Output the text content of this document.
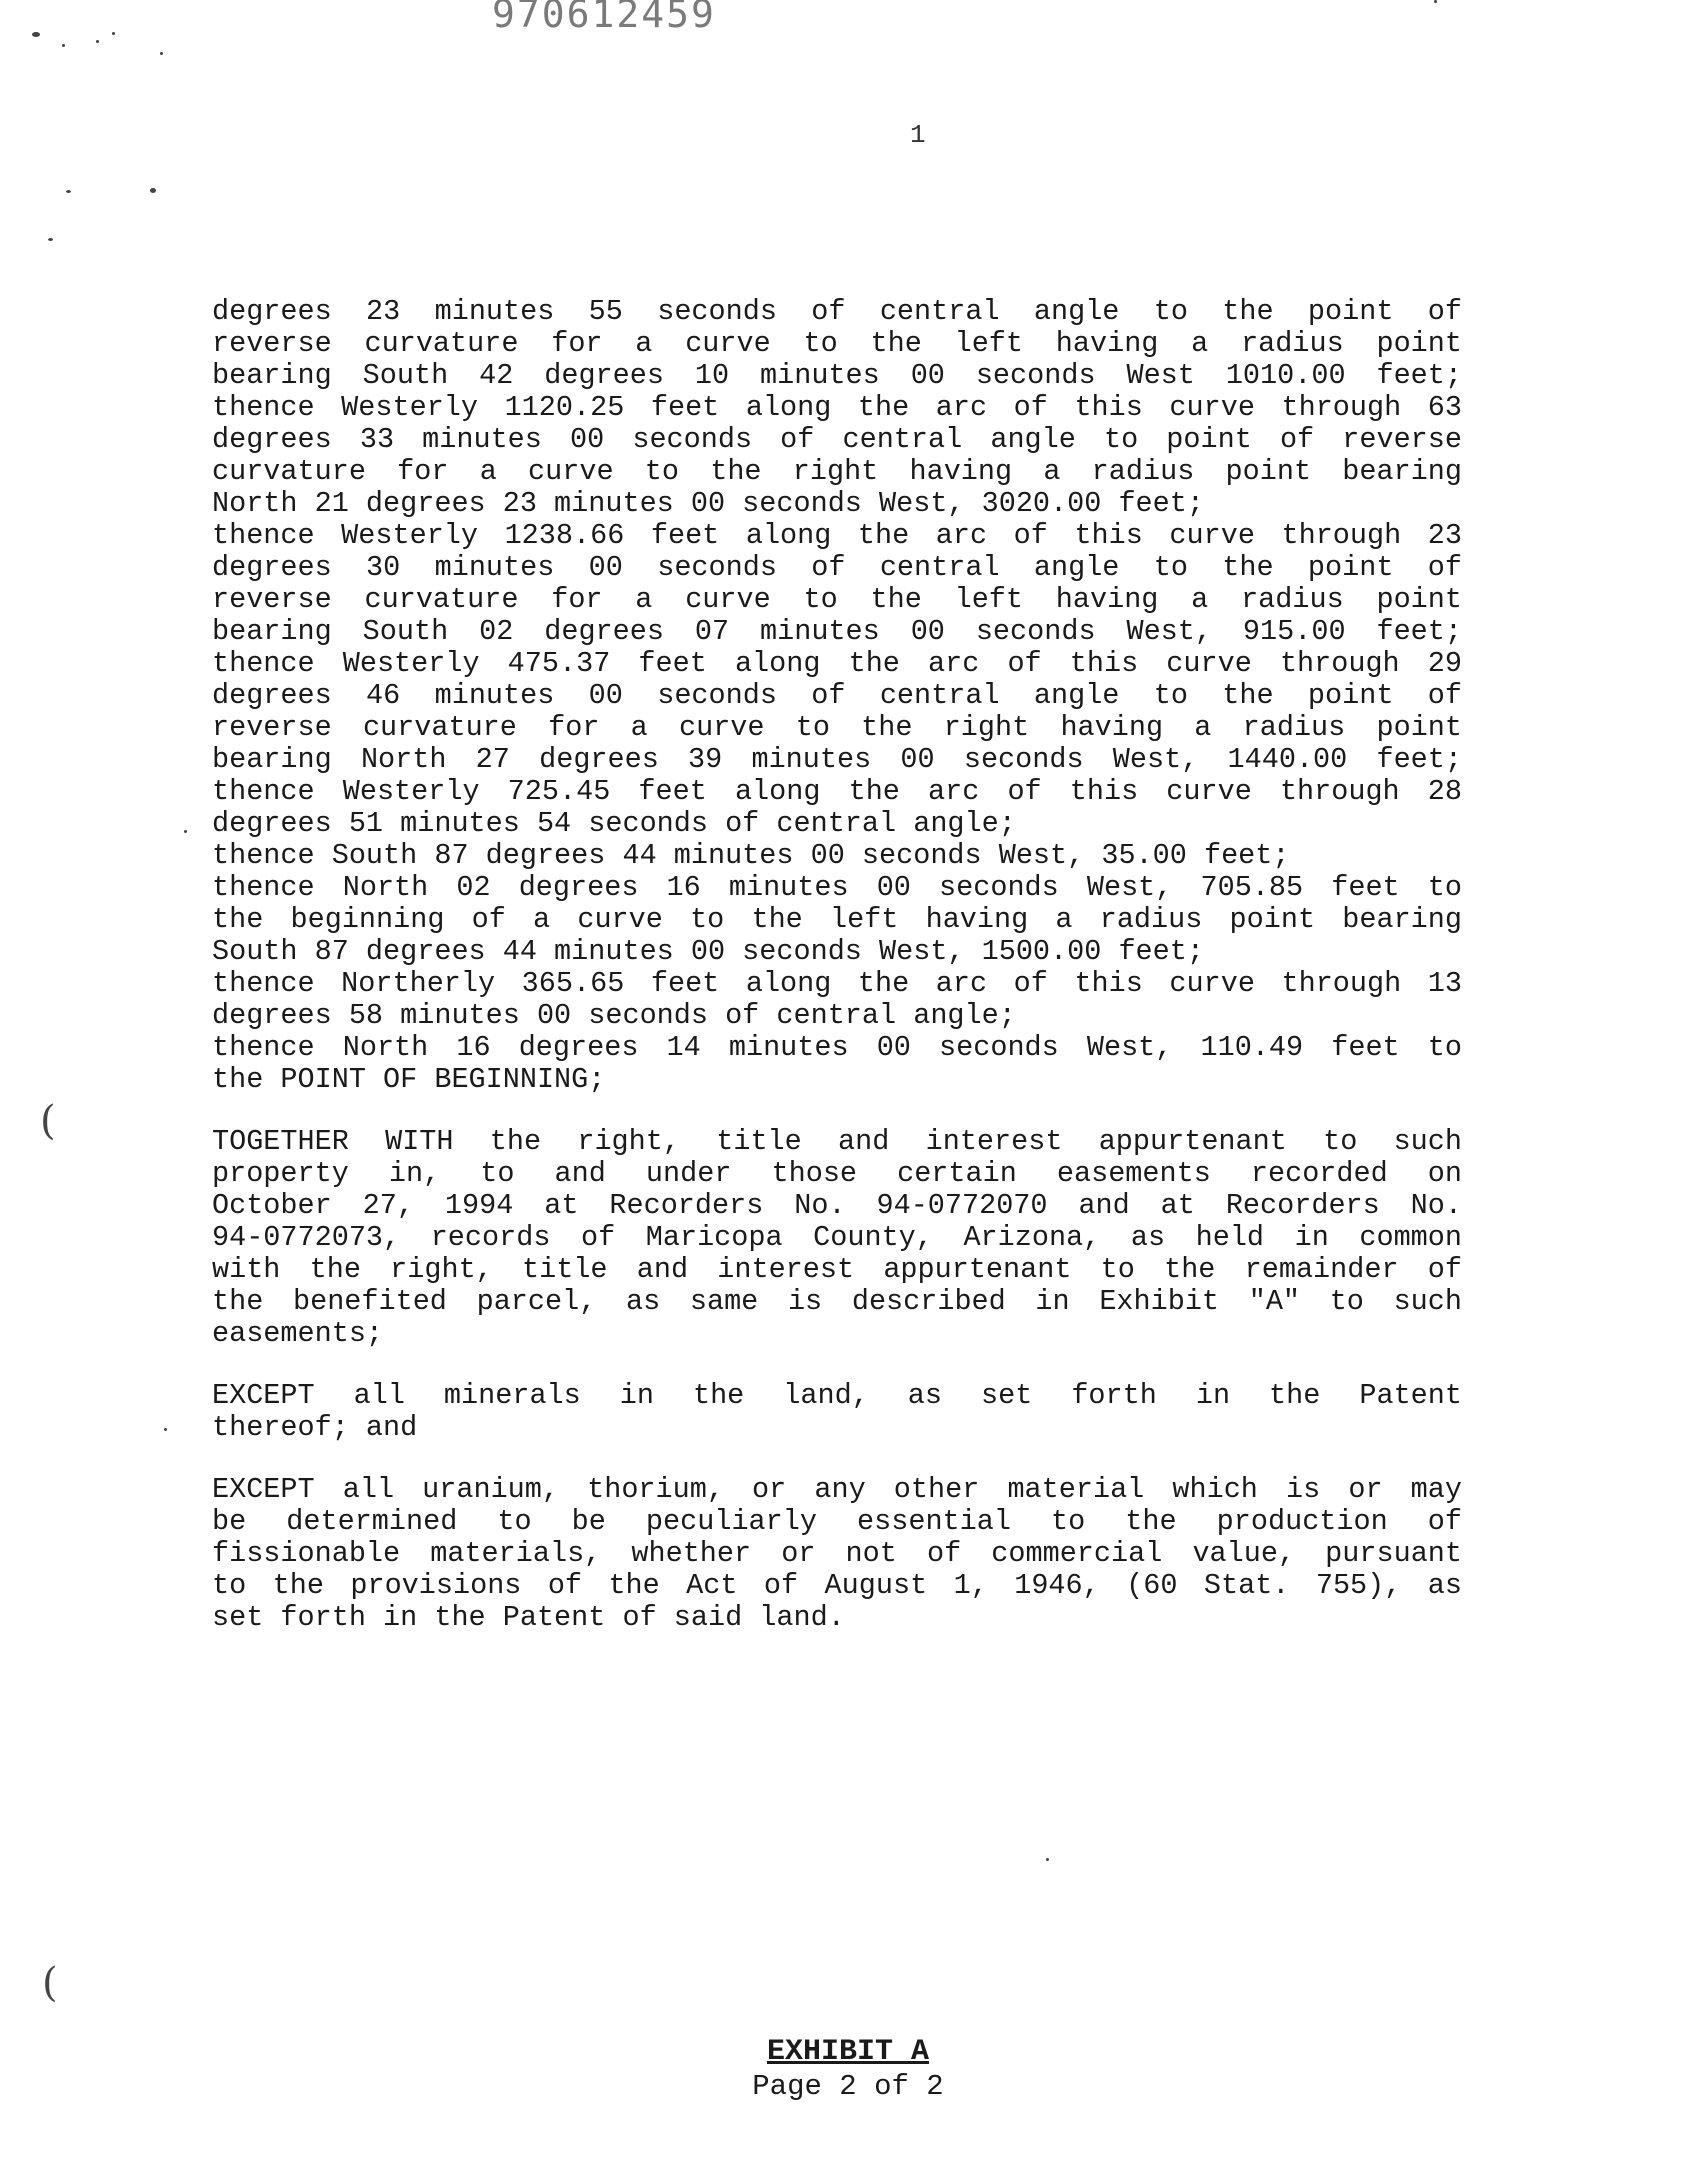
970612459
1
(
(
degrees 23 minutes 55 seconds of central angle to the point of
reverse curvature for a curve to the left having a radius point
bearing South 42 degrees 10 minutes 00 seconds West 1010.00 feet;
thence Westerly 1120.25 feet along the arc of this curve through 63
degrees 33 minutes 00 seconds of central angle to point of reverse
curvature for a curve to the right having a radius point bearing
North 21 degrees 23 minutes 00 seconds West, 3020.00 feet;
thence Westerly 1238.66 feet along the arc of this curve through 23
degrees 30 minutes 00 seconds of central angle to the point of
reverse curvature for a curve to the left having a radius point
bearing South 02 degrees 07 minutes 00 seconds West, 915.00 feet;
thence Westerly 475.37 feet along the arc of this curve through 29
degrees 46 minutes 00 seconds of central angle to the point of
reverse curvature for a curve to the right having a radius point
bearing North 27 degrees 39 minutes 00 seconds West, 1440.00 feet;
thence Westerly 725.45 feet along the arc of this curve through 28
degrees 51 minutes 54 seconds of central angle;
thence South 87 degrees 44 minutes 00 seconds West, 35.00 feet;
thence North 02 degrees 16 minutes 00 seconds West, 705.85 feet to
the beginning of a curve to the left having a radius point bearing
South 87 degrees 44 minutes 00 seconds West, 1500.00 feet;
thence Northerly 365.65 feet along the arc of this curve through 13
degrees 58 minutes 00 seconds of central angle;
thence North 16 degrees 14 minutes 00 seconds West, 110.49 feet to
the POINT OF BEGINNING;
TOGETHER WITH the right, title and interest appurtenant to such
property in, to and under those certain easements recorded on
October 27, 1994 at Recorders No. 94-0772070 and at Recorders No.
94-0772073, records of Maricopa County, Arizona, as held in common
with the right, title and interest appurtenant to the remainder of
the benefited parcel, as same is described in Exhibit "A" to such
easements;
EXCEPT all minerals in the land, as set forth in the Patent
thereof; and
EXCEPT all uranium, thorium, or any other material which is or may
be determined to be peculiarly essential to the production of
fissionable materials, whether or not of commercial value, pursuant
to the provisions of the Act of August 1, 1946, (60 Stat. 755), as
set forth in the Patent of said land.
EXHIBIT A
Page 2 of 2
